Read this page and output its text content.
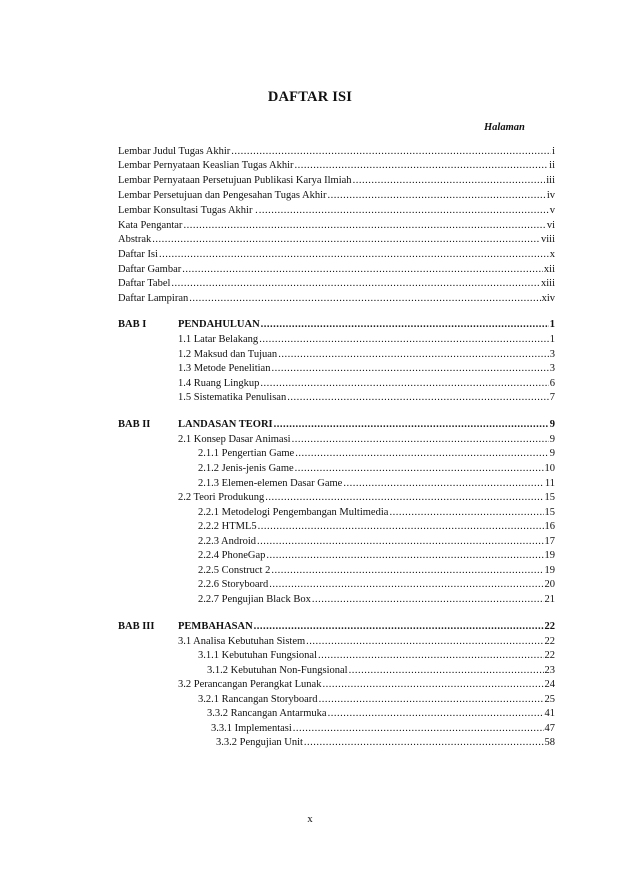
DAFTAR ISI
Halaman
Lembar Judul Tugas Akhir .....	i
Lembar Pernyataan Keaslian Tugas Akhir .....	ii
Lembar Pernyataan Persetujuan Publikasi Karya Ilmiah .....	iii
Lembar Persetujuan dan Pengesahan Tugas Akhir .....	iv
Lembar Konsultasi Tugas Akhir . .....	v
Kata Pengantar .....	vi
Abstrak .....	viii
Daftar Isi .....	x
Daftar Gambar .....	xii
Daftar Tabel .....	xiii
Daftar Lampiran .....	xiv
BAB I	PENDAHULUAN .....	1
1.1 Latar Belakang .....	1
1.2 Maksud dan Tujuan .....	3
1.3 Metode Penelitian .....	3
1.4 Ruang Lingkup .....	6
1.5 Sistematika Penulisan .....	7
BAB II	LANDASAN TEORI .....	9
2.1 Konsep Dasar Animasi .....	9
2.1.1 Pengertian Game .....	9
2.1.2 Jenis-jenis Game .....	10
2.1.3 Elemen-elemen Dasar Game .....	11
2.2 Teori Produkung .....	15
2.2.1 Metodelogi Pengembangan Multimedia .....	15
2.2.2 HTML5 .....	16
2.2.3 Android .....	17
2.2.4 PhoneGap .....	19
2.2.5 Construct 2 .....	19
2.2.6 Storyboard .....	20
2.2.7 Pengujian Black Box .....	21
BAB III PEMBAHASAN .....	22
3.1 Analisa Kebutuhan Sistem .....	22
3.1.1 Kebutuhan Fungsional .....	22
3.1.2 Kebutuhan Non-Fungsional .....	23
3.2 Perancangan Perangkat Lunak .....	24
3.2.1 Rancangan Storyboard .....	25
3.3.2 Rancangan Antarmuka .....	41
3.3.1 Implementasi .....	47
3.3.2 Pengujian Unit .....	58
x
